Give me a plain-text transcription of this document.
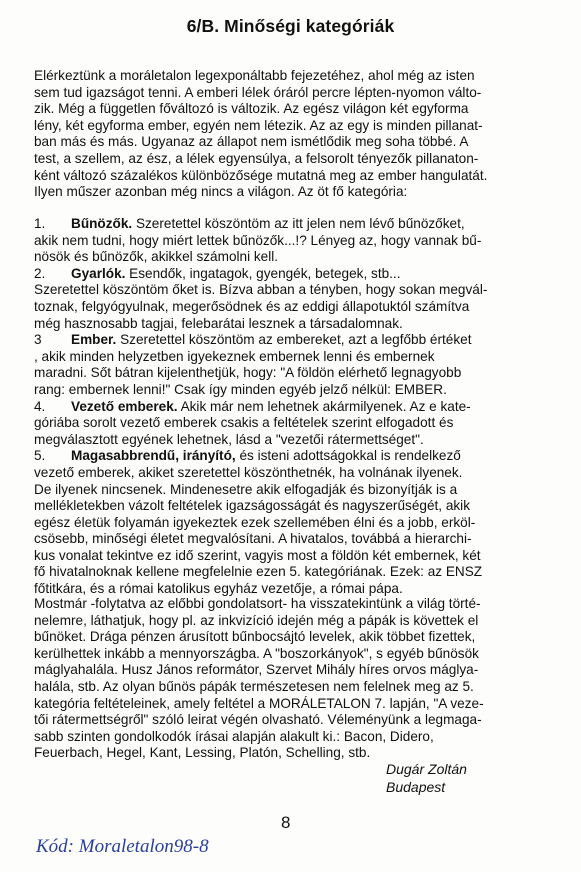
6/B. Minőségi kategóriák
Elérkeztünk a moráletalon legexponáltabb fejezetéhez, ahol még az isten
sem tud igazságot tenni. A emberi lélek óráról percre lépten-nyomon válto-
zik. Még a független főváltozó is változik. Az egész világon két egyforma
lény, két egyforma ember, egyén nem létezik. Az az egy is minden pillanat-
ban más és más. Ugyanaz az állapot nem ismétlődik meg soha többé. A
test, a szellem, az ész, a lélek egyensúlya, a felsorolt tényezők pillanaton-
ként változó százalékos különbözősége mutatná meg az ember hangulatát.
Ilyen műszer azonban még nincs a világon. Az öt fő kategória:
1. Bűnözők. Szeretettel köszöntöm az itt jelen nem lévő bűnözőket,
akik nem tudni, hogy miért lettek bűnözők...!? Lényeg az, hogy vannak bű-
nösök és bűnözők, akikkel számolni kell.
2. Gyarlók. Esendők, ingatagok, gyengék, betegek, stb...
Szeretettel köszöntöm őket is. Bízva abban a tényben, hogy sokan megvál-
toznak, felgyógyulnak, megerősödnek és az eddigi állapotuktól számítva
még hasznosabb tagjai, felebarátai lesznek a társadalomnak.
3 Ember. Szeretettel köszöntöm az embereket, azt a legfőbb értéket
, akik minden helyzetben igyekeznek embernek lenni és embernek
maradni. Sőt bátran kijelenthetjük, hogy: "A földön elérhető legnagyobb
rang: embernek lenni!" Csak így minden egyéb jelző nélkül: EMBER.
4. Vezető emberek. Akik már nem lehetnek akármilyenek. Az e kate-
góriába sorolt vezető emberek csakis a feltételek szerint elfogadott és
megválasztott egyének lehetnek, lásd a "vezetői rátermettséget".
5. Magasabbrendű, irányító, és isteni adottságokkal is rendelkező
vezető emberek, akiket szeretettel köszönthetnék, ha volnának ilyenek.
De ilyenek nincsenek. Mindenesetre akik elfogadják és bizonyítják is a
mellékletekben vázolt feltételek igazságosságát és nagyszerűségét, akik
egész életük folyamán igyekeztek ezek szellemében élni és a jobb, erköl-
csösebb, minőségi életet megvalósítani. A hivatalos, továbbá a hierarchi-
kus vonalat tekintve ez idő szerint, vagyis most a földön két embernek, két
fő hivatalnoknak kellene megfelelnie ezen 5. kategóriának. Ezek: az ENSZ
főtitkára, és a római katolikus egyház vezetője, a római pápa.
Mostmár -folytatva az előbbi gondolatsort- ha visszatekintünk a világ törté-
nelemre, láthatjuk, hogy pl. az inkvizíció idején még a pápák is követtek el
bűnöket. Drága pénzen árusított bűnbocsájtó levelek, akik többet fizettek,
kerülhettek inkább a mennyországba. A "boszorkányok", s egyéb bűnösök
máglyahalála. Husz János reformátor, Szervet Mihály híres orvos máglya-
halála, stb. Az olyan bűnös pápák természetesen nem felelnek meg az 5.
kategória feltételeinek, amely feltétel a MORÁLETALON 7. lapján, "A veze-
tői rátermettségről" szóló leirat végén olvasható. Véleményünk a legmaga-
sabb szinten gondolkodók írásai alapján alakult ki.: Bacon, Didero,
Feuerbach, Hegel, Kant, Lessing, Platón, Schelling, stb.
Dugár Zoltán
Budapest
8
Kód: Moraletalon98-8
